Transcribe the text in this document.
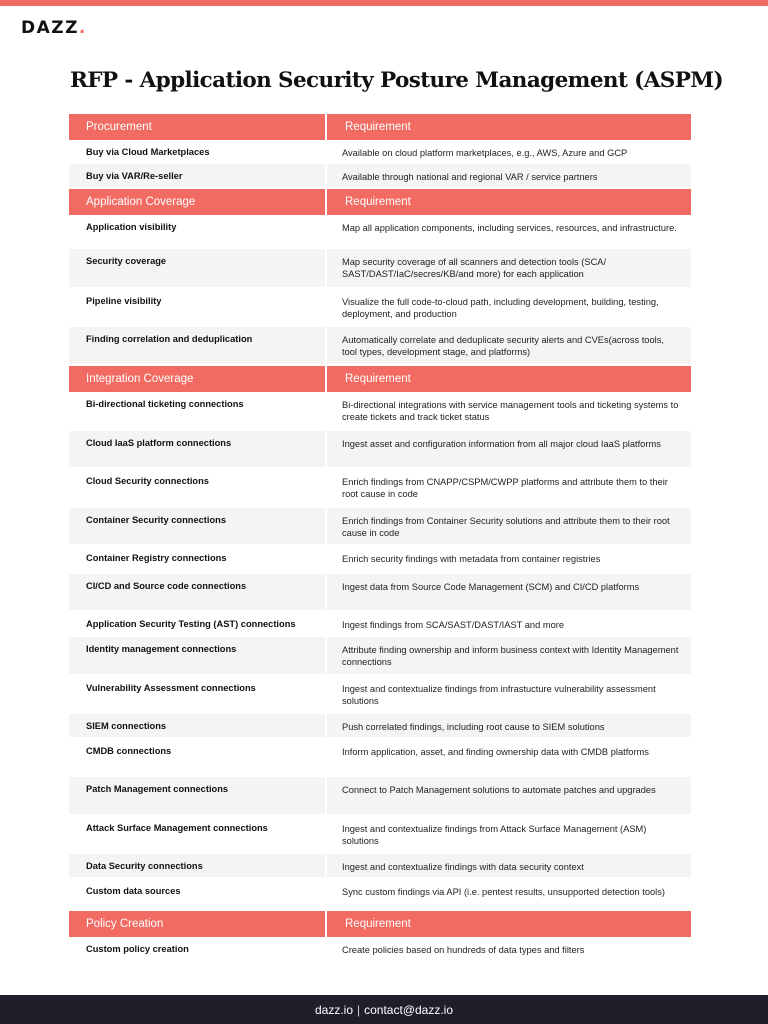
DAZZ.
RFP - Application Security Posture Management (ASPM)
Procurement	Requirement
Buy via Cloud Marketplaces	Available on cloud platform marketplaces, e.g., AWS, Azure and GCP
Buy via VAR/Re-seller	Available through national and regional VAR / service partners
Application Coverage	Requirement
Application visibility	Map all application components, including services, resources, and infrastructure.
Security coverage	Map security coverage of all scanners and detection tools (SCA/ SAST/DAST/IaC/secres/KB/and more) for each application
Pipeline visibility	Visualize the full code-to-cloud path, including development, building, testing, deployment, and production
Finding correlation and deduplication	Automatically correlate and deduplicate security alerts and CVEs(across tools, tool types, development stage, and platforms)
Integration Coverage	Requirement
Bi-directional ticketing connections	Bi-directional integrations with service management tools and ticketing systems to create tickets and track ticket status
Cloud IaaS platform connections	Ingest asset and configuration information from all major cloud IaaS platforms
Cloud Security connections	Enrich findings from CNAPP/CSPM/CWPP platforms and attribute them to their root cause in code
Container Security connections	Enrich findings from Container Security solutions and attribute them to their root cause in code
Container Registry connections	Enrich security findings with metadata from container registries
CI/CD and Source code connections	Ingest data from Source Code Management (SCM) and CI/CD platforms
Application Security Testing (AST) connections	Ingest findings from SCA/SAST/DAST/IAST and more
Identity management connections	Attribute finding ownership and inform business context with Identity Management connections
Vulnerability Assessment connections	Ingest and contextualize findings from infrastucture vulnerability assessment solutions
SIEM connections	Push correlated findings, including root cause to SIEM solutions
CMDB connections	Inform application, asset, and finding ownership data with CMDB platforms
Patch Management connections	Connect to Patch Management solutions to automate patches and upgrades
Attack Surface Management connections	Ingest and contextualize findings from Attack Surface Management (ASM) solutions
Data Security connections	Ingest and contextualize findings with data security context
Custom data sources	Sync custom findings via API (i.e. pentest results, unsupported detection tools)
Policy Creation	Requirement
Custom policy creation	Create policies based on hundreds of data types and filters
dazz.io | contact@dazz.io
